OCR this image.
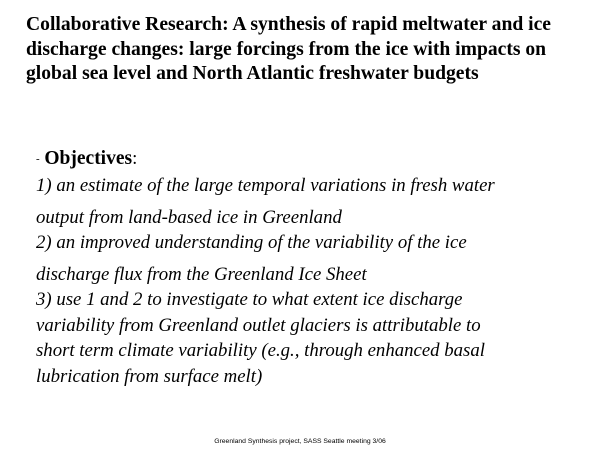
Collaborative Research: A synthesis of rapid meltwater and ice
discharge changes: large forcings from the ice with impacts on
global sea level and North Atlantic freshwater budgets
- Objectives:
1) an estimate of the large temporal variations in fresh water
output from land-based ice in Greenland
2) an improved understanding of the variability of the ice
discharge flux from the Greenland Ice Sheet
3) use 1 and 2 to investigate to what extent ice discharge
variability from Greenland outlet glaciers is attributable to
short term climate variability (e.g., through enhanced basal
lubrication from surface melt)
Greenland Synthesis project, SASS Seattle meeting 3/06
